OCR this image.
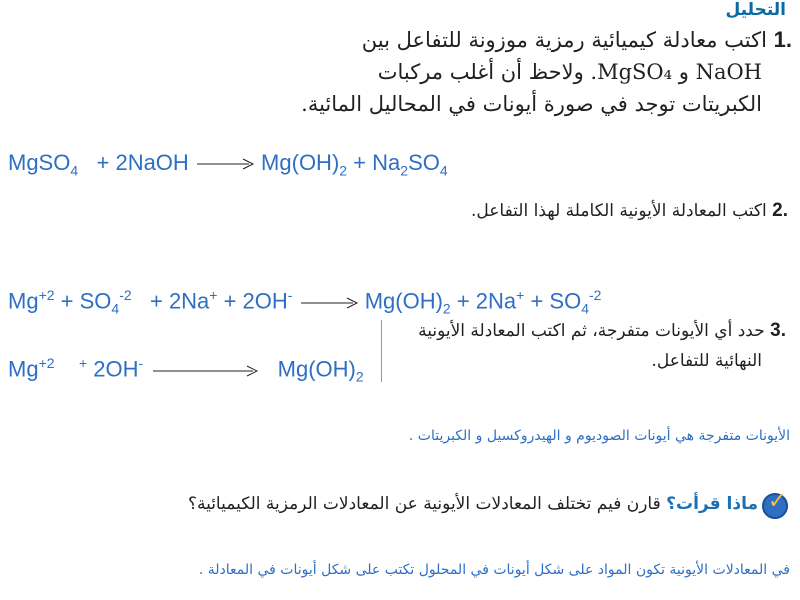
التحليل
.1 اكتب معادلة كيميائية رمزية موزونة للتفاعل بين
NaOH و MgSO₄. ولاحظ أن أغلب مركبات
الكبريتات توجد في صورة أيونات في المحاليل المائية.
MgSO$_4$   + 2NaOH	$Mg(OH)_2 + Na_2SO_4$
.2 اكتب المعادلة الأيونية الكاملة لهذا التفاعل.
$Mg^{+2} + SO_4^{-2} + 2Na^+ + 2OH^-$	$Mg(OH)_2 + 2Na^+ + SO_4^{-2}$
$Mg^{+2}$ + 2OH-	$Mg(OH)_2$
.3 حدد أي الأيونات متفرجة، ثم اكتب المعادلة الأيونية
النهائية للتفاعل.
الأيونات متفرجة هي أيونات الصوديوم و الهيدروكسيل و الكبريتات .
✓
ماذا قرأت؟ قارن فيم تختلف المعادلات الأيونية عن المعادلات الرمزية الكيميائية؟
في المعادلات الأيونية تكون المواد على شكل أيونات في المحلول تكتب على شكل أيونات في المعادلة .
